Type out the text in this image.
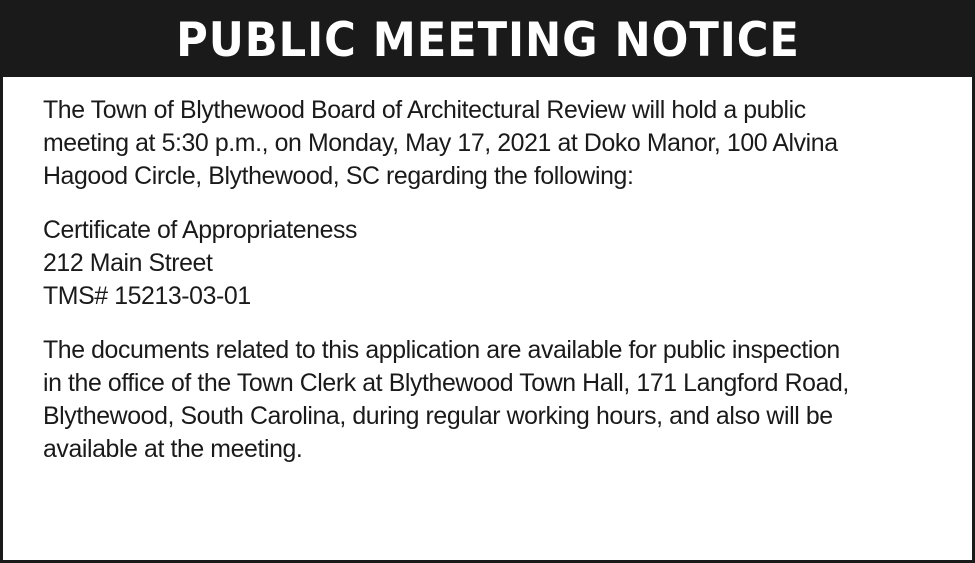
PUBLIC MEETING NOTICE

The Town of Blythewood Board of Architectural Review will hold a public
meeting at 5:30 p.m., on Monday, May 17, 2021 at Doko Manor, 100 Alvina
Hagood Circle, Blythewood, SC regarding the following:

Certificate of Appropriateness
212 Main Street
TMS# 15213-03-01

The documents related to this application are available for public inspection
in the office of the Town Clerk at Blythewood Town Hall, 171 Langford Road,
Blythewood, South Carolina, during regular working hours, and also will be
available at the meeting.
